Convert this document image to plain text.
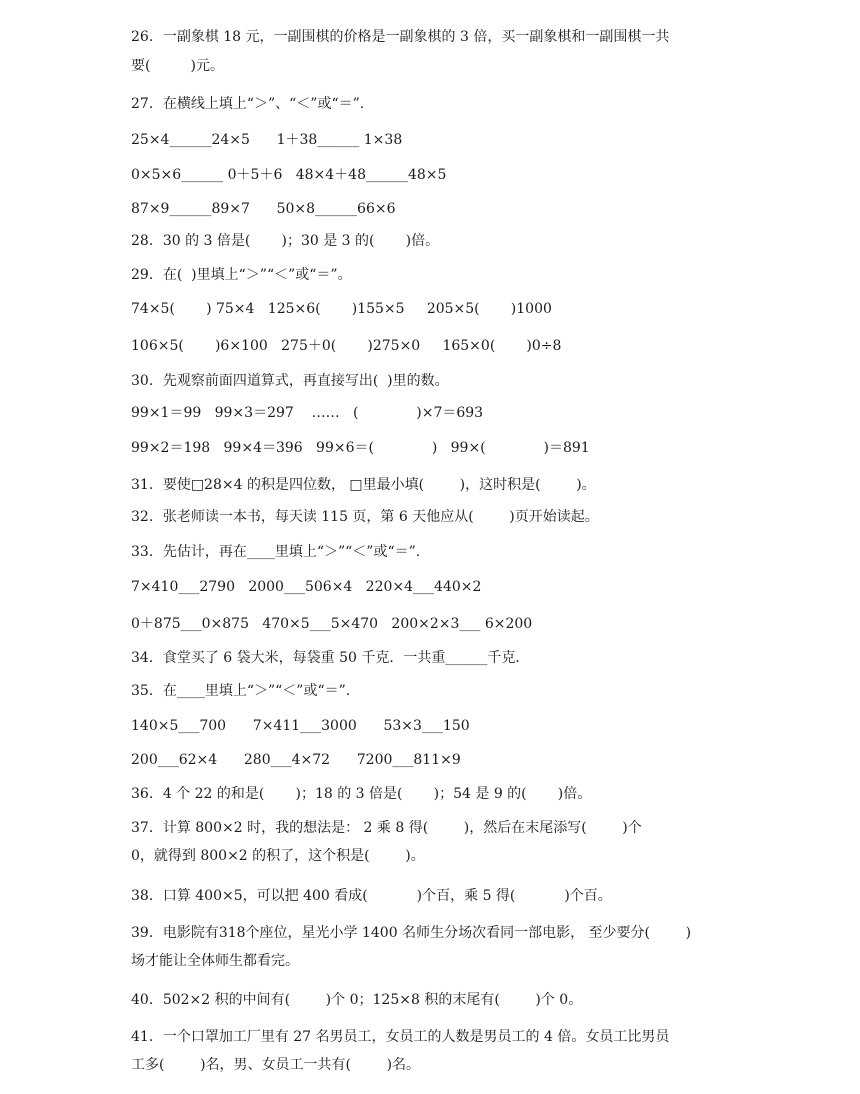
26．一副象棋 18 元，一副围棋的价格是一副象棋的 3 倍，买一副象棋和一副围棋一共
要(         )元。
27．在横线上填上“＞”、“＜”或“＝”.
25×4______24×5      1＋38______ 1×38
0×5×6______ 0＋5＋6   48×4＋48______48×5
87×9______89×7      50×8______66×6
28．30 的 3 倍是(       )；30 是 3 的(       )倍。
29．在(  )里填上“＞”“＜”或“＝”。
74×5(       ) 75×4   125×6(       )155×5     205×5(       )1000
106×5(       )6×100   275＋0(       )275×0     165×0(       )0÷8
30．先观察前面四道算式，再直接写出(  )里的数。
99×1＝99   99×3＝297    ……   (             )×7＝693
99×2＝198   99×4＝396   99×6＝(             )   99×(             )＝891
31．要使□28×4 的积是四位数， □里最小填(        )，这时积是(        )。
32．张老师读一本书，每天读 115 页，第 6 天他应从(        )页开始读起。
33．先估计，再在____里填上“＞”“＜”或“＝”.
7×410___2790   2000___506×4   220×4___440×2
0＋875___0×875   470×5___5×470   200×2×3___ 6×200
34．食堂买了 6 袋大米，每袋重 50 千克．一共重______千克．
35．在____里填上“＞”“＜”或“＝”.
140×5___700      7×411___3000      53×3___150
200___62×4      280___4×72      7200___811×9
36．4 个 22 的和是(       )；18 的 3 倍是(       )；54 是 9 的(       )倍。
37．计算 800×2 时，我的想法是： 2 乘 8 得(        )，然后在末尾添写(        )个
0，就得到 800×2 的积了，这个积是(        )。
38．口算 400×5，可以把 400 看成(           )个百，乘 5 得(           )个百。
39．电影院有318个座位，星光小学 1400 名师生分场次看同一部电影， 至少要分(        )
场才能让全体师生都看完。
40．502×2 积的中间有(        )个 0；125×8 积的末尾有(        )个 0。
41．一个口罩加工厂里有 27 名男员工，女员工的人数是男员工的 4 倍。女员工比男员
工多(        )名，男、女员工一共有(        )名。
